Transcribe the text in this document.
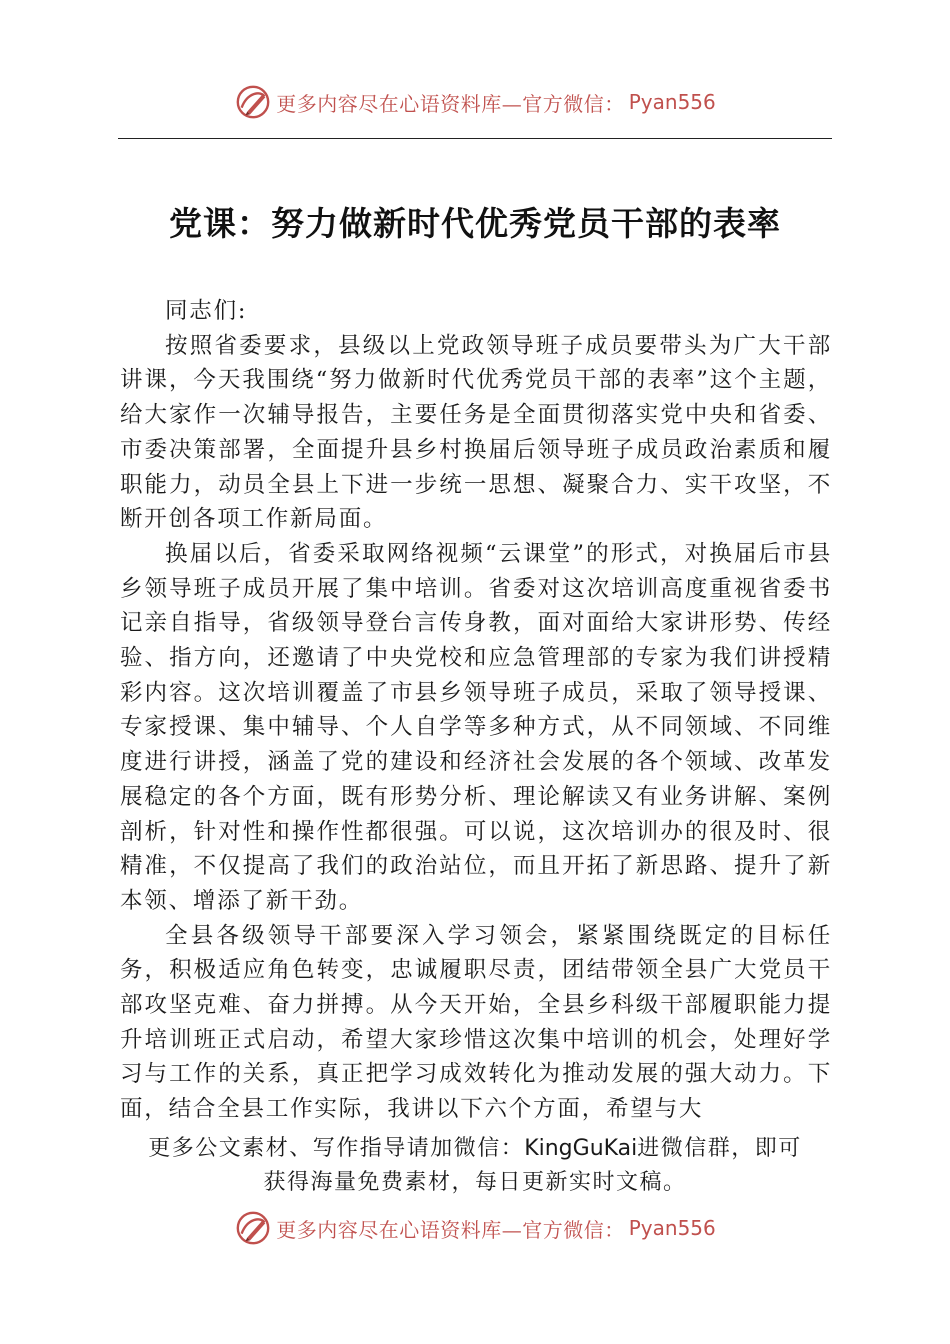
更多内容尽在心语资料库—官方微信： Pyan556
党课：努力做新时代优秀党员干部的表率

同志们:

按照省委要求，县级以上党政领导班子成员要带头为广大干部讲课，今天我围绕“努力做新时代优秀党员干部的表率”这个主题，给大家作一次辅导报告，主要任务是全面贯彻落实党中央和省委、市委决策部署，全面提升县乡村换届后领导班子成员政治素质和履职能力，动员全县上下进一步统一思想、凝聚合力、实干攻坚，不断开创各项工作新局面。

换届以后，省委采取网络视频“云课堂”的形式，对换届后市县乡领导班子成员开展了集中培训。省委对这次培训高度重视省委书记亲自指导，省级领导登台言传身教，面对面给大家讲形势、传经验、指方向，还邀请了中央党校和应急管理部的专家为我们讲授精彩内容。这次培训覆盖了市县乡领导班子成员，采取了领导授课、专家授课、集中辅导、个人自学等多种方式，从不同领域、不同维度进行讲授，涵盖了党的建设和经济社会发展的各个领域、改革发展稳定的各个方面，既有形势分析、理论解读又有业务讲解、案例剖析，针对性和操作性都很强。可以说，这次培训办的很及时、很精准，不仅提高了我们的政治站位，而且开拓了新思路、提升了新本领、增添了新干劲。

全县各级领导干部要深入学习领会，紧紧围绕既定的目标任务，积极适应角色转变，忠诚履职尽责，团结带领全县广大党员干部攻坚克难、奋力拼搏。从今天开始，全县乡科级干部履职能力提升培训班正式启动，希望大家珍惜这次集中培训的机会，处理好学习与工作的关系，真正把学习成效转化为推动发展的强大动力。下面，结合全县工作实际，我讲以下六个方面，希望与大

更多公文素材、写作指导请加微信：KingGuKai进微信群，即可
获得海量免费素材，每日更新实时文稿。
更多内容尽在心语资料库—官方微信： Pyan556
